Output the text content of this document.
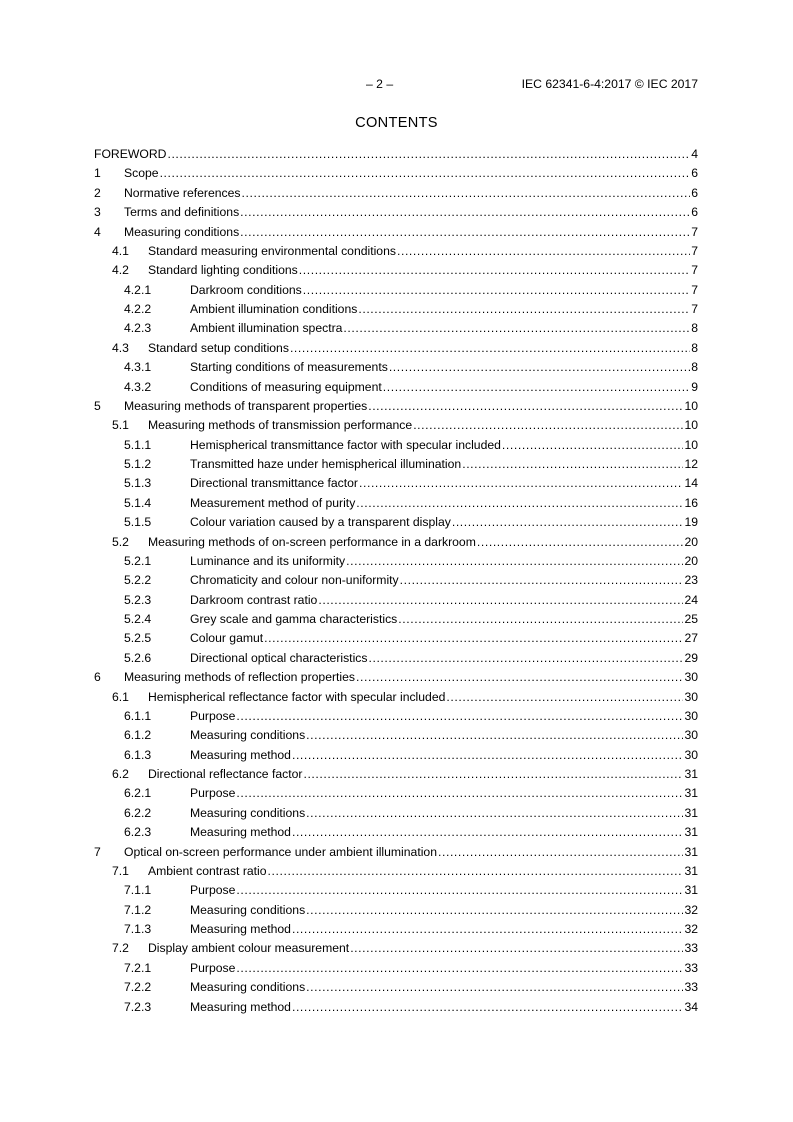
– 2 –	IEC 62341-6-4:2017 © IEC 2017
CONTENTS
FOREWORD .....	4
1	Scope .....	6
2	Normative references .....	6
3	Terms and definitions .....	6
4	Measuring conditions .....	7
4.1	Standard measuring environmental conditions .....	7
4.2	Standard lighting conditions .....	7
4.2.1	Darkroom conditions .....	7
4.2.2	Ambient illumination conditions .....	7
4.2.3	Ambient illumination spectra .....	8
4.3	Standard setup conditions .....	8
4.3.1	Starting conditions of measurements .....	8
4.3.2	Conditions of measuring equipment .....	9
5	Measuring methods of transparent properties .....	10
5.1	Measuring methods of transmission performance .....	10
5.1.1	Hemispherical transmittance factor with specular included .....	10
5.1.2	Transmitted haze under hemispherical illumination .....	12
5.1.3	Directional transmittance factor .....	14
5.1.4	Measurement method of purity .....	16
5.1.5	Colour variation caused by a transparent display .....	19
5.2	Measuring methods of on-screen performance in a darkroom .....	20
5.2.1	Luminance and its uniformity .....	20
5.2.2	Chromaticity and colour non-uniformity .....	23
5.2.3	Darkroom contrast ratio .....	24
5.2.4	Grey scale and gamma characteristics .....	25
5.2.5	Colour gamut .....	27
5.2.6	Directional optical characteristics .....	29
6	Measuring methods of reflection properties .....	30
6.1	Hemispherical reflectance factor with specular included .....	30
6.1.1	Purpose .....	30
6.1.2	Measuring conditions .....	30
6.1.3	Measuring method .....	30
6.2	Directional reflectance factor .....	31
6.2.1	Purpose .....	31
6.2.2	Measuring conditions .....	31
6.2.3	Measuring method .....	31
7	Optical on-screen performance under ambient illumination .....	31
7.1	Ambient contrast ratio .....	31
7.1.1	Purpose .....	31
7.1.2	Measuring conditions .....	32
7.1.3	Measuring method .....	32
7.2	Display ambient colour measurement .....	33
7.2.1	Purpose .....	33
7.2.2	Measuring conditions .....	33
7.2.3	Measuring method .....	34
